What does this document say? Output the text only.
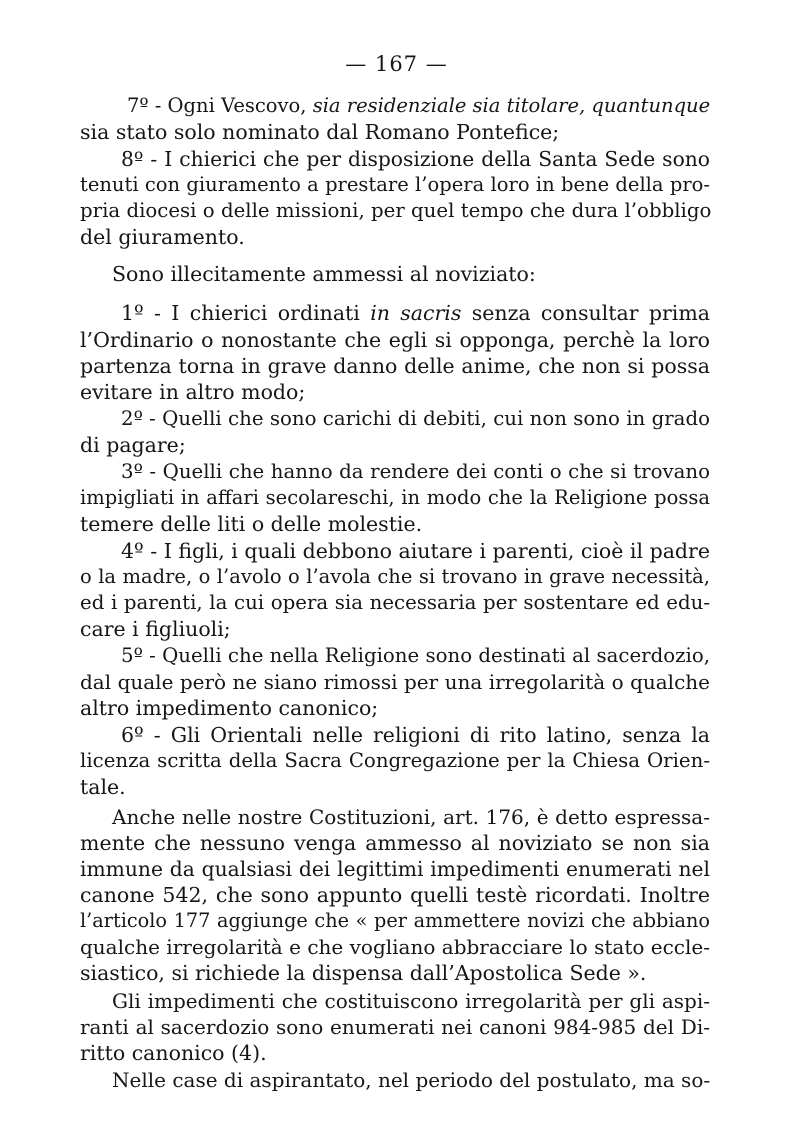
— 167 —
7º - Ogni Vescovo, sia residenziale sia titolare, quantunque
sia stato solo nominato dal Romano Pontefice;
8º - I chierici che per disposizione della Santa Sede sono
tenuti con giuramento a prestare l’opera loro in bene della pro-
pria diocesi o delle missioni, per quel tempo che dura l’obbligo
del giuramento.
Sono illecitamente ammessi al noviziato:
1º - I chierici ordinati in sacris senza consultar prima
l’Ordinario o nonostante che egli si opponga, perchè la loro
partenza torna in grave danno delle anime, che non si possa
evitare in altro modo;
2º - Quelli che sono carichi di debiti, cui non sono in grado
di pagare;
3º - Quelli che hanno da rendere dei conti o che si trovano
impigliati in affari secolareschi, in modo che la Religione possa
temere delle liti o delle molestie.
4º - I figli, i quali debbono aiutare i parenti, cioè il padre
o la madre, o l’avolo o l’avola che si trovano in grave necessità,
ed i parenti, la cui opera sia necessaria per sostentare ed edu-
care i figliuoli;
5º - Quelli che nella Religione sono destinati al sacerdozio,
dal quale però ne siano rimossi per una irregolarità o qualche
altro impedimento canonico;
6º - Gli Orientali nelle religioni di rito latino, senza la
licenza scritta della Sacra Congregazione per la Chiesa Orien-
tale.
Anche nelle nostre Costituzioni, art. 176, è detto espressa-
mente che nessuno venga ammesso al noviziato se non sia
immune da qualsiasi dei legittimi impedimenti enumerati nel
canone 542, che sono appunto quelli testè ricordati. Inoltre
l’articolo 177 aggiunge che « per ammettere novizi che abbiano
qualche irregolarità e che vogliano abbracciare lo stato eccle-
siastico, si richiede la dispensa dall’Apostolica Sede ».
Gli impedimenti che costituiscono irregolarità per gli aspi-
ranti al sacerdozio sono enumerati nei canoni 984-985 del Di-
ritto canonico (4).
Nelle case di aspirantato, nel periodo del postulato, ma so-
